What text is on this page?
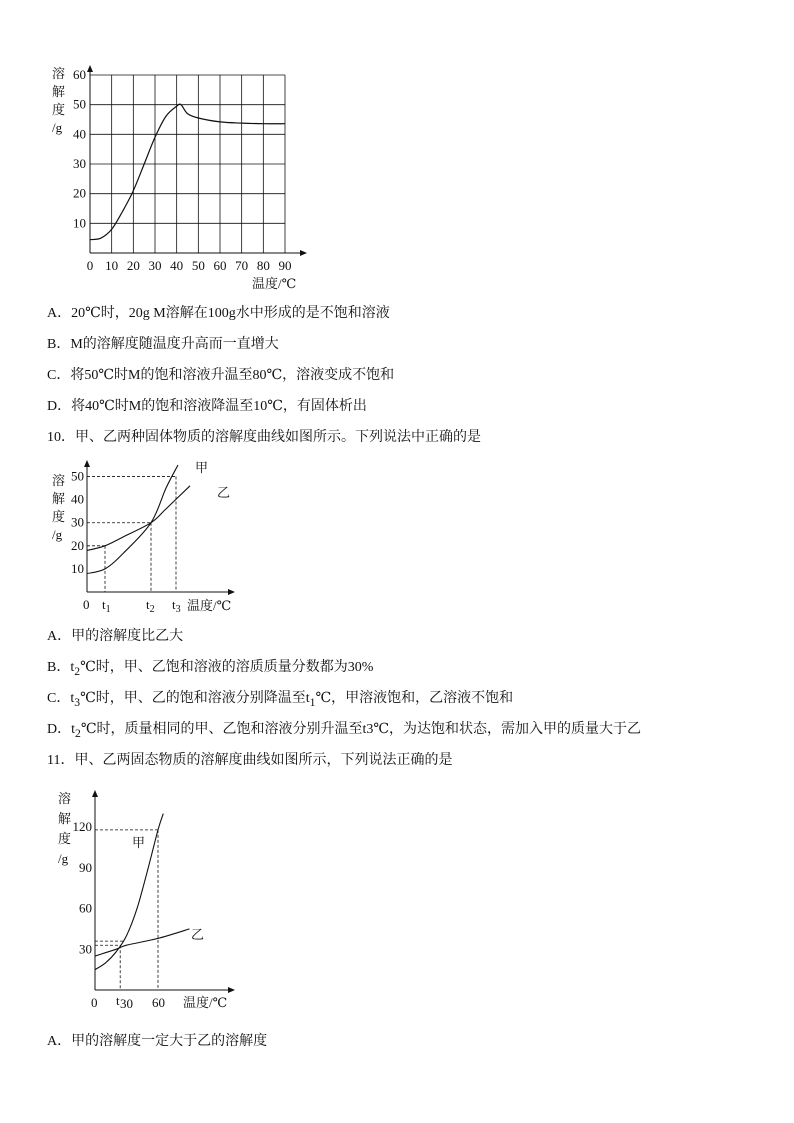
溶
解
度
/g
0 10 20 30 40 50 60 70 80 90
10
20
30
40
50
60
温度/℃
A．20℃时，20g M溶解在100g水中形成的是不饱和溶液
B．M的溶解度随温度升高而一直增大
C．将50℃时M的饱和溶液升温至80℃，溶液变成不饱和
D．将40℃时M的饱和溶液降温至10℃，有固体析出
10．甲、乙两种固体物质的溶解度曲线如图所示。下列说法中正确的是
溶
解
度
/g
10
20
30
40
50
甲
乙
0 $t_1$	$t_2$ $t_3$ 温度/℃
A．甲的溶解度比乙大
B．$t_2℃$时，甲、乙饱和溶液的溶质质量分数都为30%
C．$t_3℃$时，甲、乙的饱和溶液分别降温至$t_1℃$，甲溶液饱和，乙溶液不饱和
D．$t_2℃$时，质量相同的甲、乙饱和溶液分别升温至t3℃，为达饱和状态，需加入甲的质量大于乙
11．甲、乙两固态物质的溶解度曲线如图所示，下列说法正确的是
溶
解
度
/g
30
60
90
120
甲
乙
0 t 30 60 温度/℃
A．甲的溶解度一定大于乙的溶解度
